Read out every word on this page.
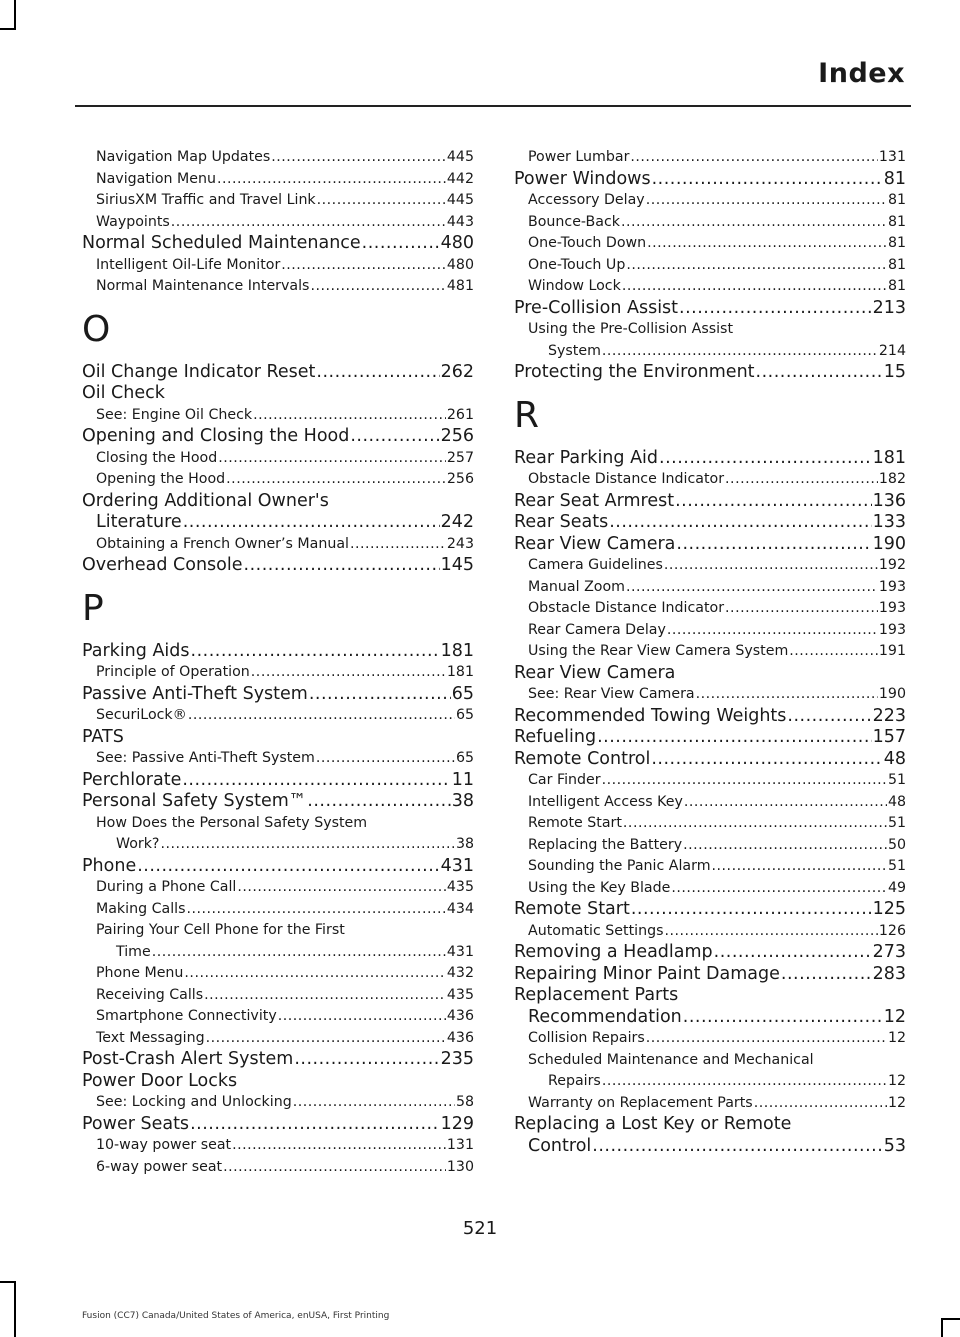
Index
Navigation Map Updates .....	445
Navigation Menu .....	442
SiriusXM Traffic and Travel Link .....	445
Waypoints .....	443
Normal Scheduled Maintenance .....	480
Intelligent Oil-Life Monitor .....	480
Normal Maintenance Intervals .....	481
O
Oil Change Indicator Reset .....	262
Oil Check
See: Engine Oil Check .....	261
Opening and Closing the Hood .....	256
Closing the Hood .....	257
Opening the Hood .....	256
Ordering Additional Owner's
Literature .....	242
Obtaining a French Owner’s Manual .....	243
Overhead Console .....	145
P
Parking Aids .....	181
Principle of Operation .....	181
Passive Anti-Theft System .....	65
SecuriLock® .....	65
PATS
See: Passive Anti-Theft System .....	65
Perchlorate .....	11
Personal Safety System™ .....	38
How Does the Personal Safety System
Work? .....	38
Phone .....	431
During a Phone Call .....	435
Making Calls .....	434
Pairing Your Cell Phone for the First
Time .....	431
Phone Menu .....	432
Receiving Calls .....	435
Smartphone Connectivity .....	436
Text Messaging .....	436
Post-Crash Alert System .....	235
Power Door Locks
See: Locking and Unlocking .....	58
Power Seats .....	129
10-way power seat .....	131
6-way power seat .....	130
Power Lumbar .....	131
Power Windows .....	81
Accessory Delay .....	81
Bounce-Back .....	81
One-Touch Down .....	81
One-Touch Up .....	81
Window Lock .....	81
Pre-Collision Assist .....	213
Using the Pre-Collision Assist
System .....	214
Protecting the Environment .....	15
R
Rear Parking Aid .....	181
Obstacle Distance Indicator .....	182
Rear Seat Armrest .....	136
Rear Seats .....	133
Rear View Camera .....	190
Camera Guidelines .....	192
Manual Zoom .....	193
Obstacle Distance Indicator .....	193
Rear Camera Delay .....	193
Using the Rear View Camera System .....	191
Rear View Camera
See: Rear View Camera .....	190
Recommended Towing Weights .....	223
Refueling .....	157
Remote Control .....	48
Car Finder .....	51
Intelligent Access Key .....	48
Remote Start .....	51
Replacing the Battery .....	50
Sounding the Panic Alarm .....	51
Using the Key Blade .....	49
Remote Start .....	125
Automatic Settings .....	126
Removing a Headlamp .....	273
Repairing Minor Paint Damage .....	283
Replacement Parts
Recommendation .....	12
Collision Repairs .....	12
Scheduled Maintenance and Mechanical
Repairs .....	12
Warranty on Replacement Parts .....	12
Replacing a Lost Key or Remote
Control .....	53
521
Fusion (CC7) Canada/United States of America, enUSA, First Printing
